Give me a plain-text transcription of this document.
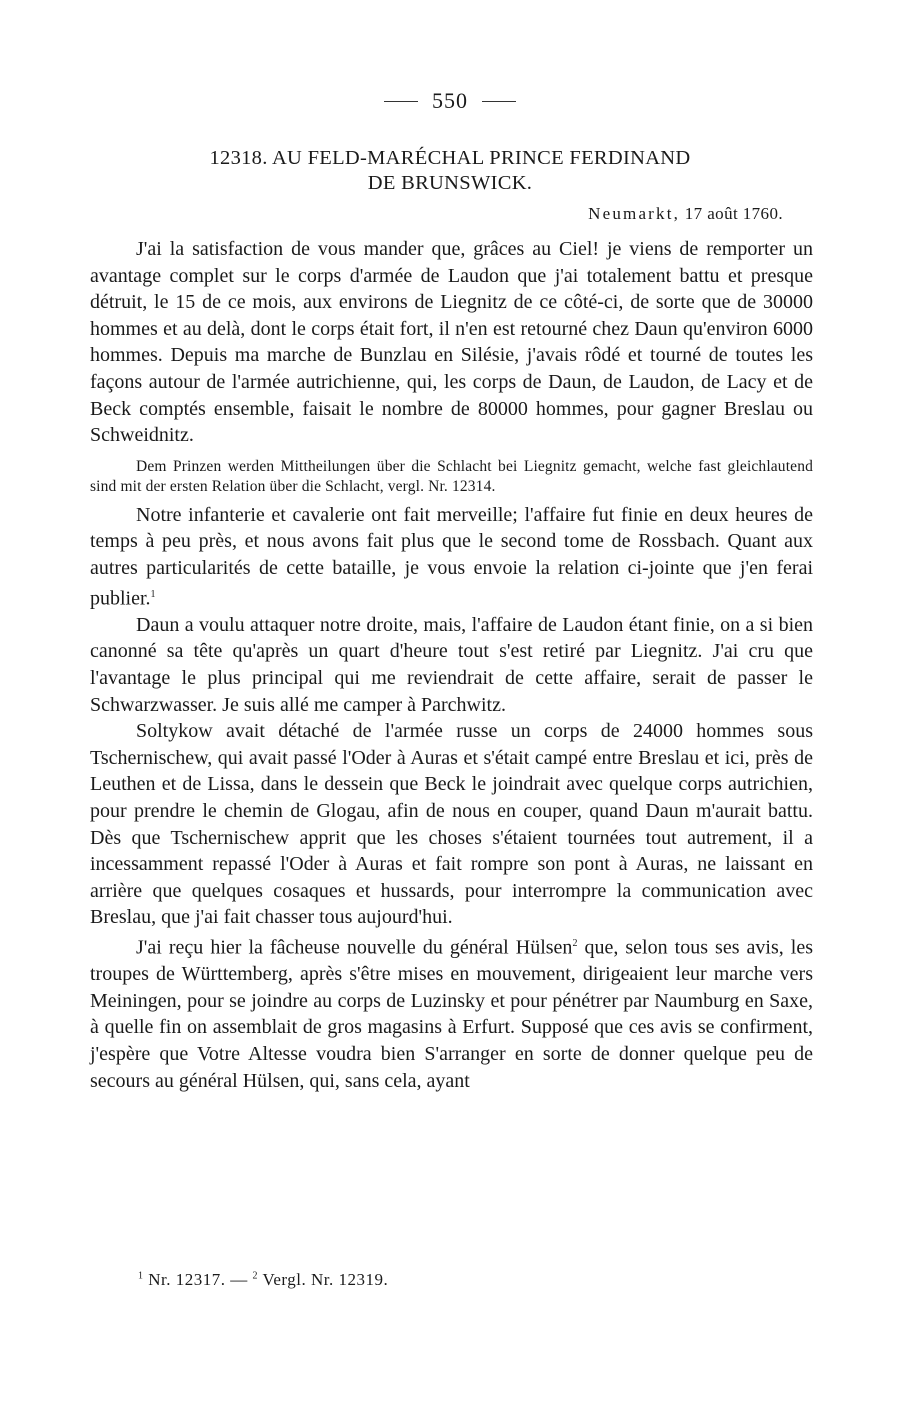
550
12318. AU FELD-MARÉCHAL PRINCE FERDINAND
DE BRUNSWICK.
Neumarkt, 17 août 1760.

J'ai la satisfaction de vous mander que, grâces au Ciel! je viens de remporter un avantage complet sur le corps d'armée de Laudon que j'ai totalement battu et presque détruit, le 15 de ce mois, aux environs de Liegnitz de ce côté-ci, de sorte que de 30000 hommes et au delà, dont le corps était fort, il n'en est retourné chez Daun qu'environ 6000 hommes. Depuis ma marche de Bunzlau en Silésie, j'avais rôdé et tourné de toutes les façons autour de l'armée autrichienne, qui, les corps de Daun, de Laudon, de Lacy et de Beck comptés ensemble, faisait le nombre de 80000 hommes, pour gagner Breslau ou Schweidnitz.

Dem Prinzen werden Mittheilungen über die Schlacht bei Liegnitz gemacht, welche fast gleichlautend sind mit der ersten Relation über die Schlacht, vergl. Nr. 12314.

Notre infanterie et cavalerie ont fait merveille; l'affaire fut finie en deux heures de temps à peu près, et nous avons fait plus que le second tome de Rossbach. Quant aux autres particularités de cette bataille, je vous envoie la relation ci-jointe que j'en ferai publier.$^1$

Daun a voulu attaquer notre droite, mais, l'affaire de Laudon étant finie, on a si bien canonné sa tête qu'après un quart d'heure tout s'est retiré par Liegnitz. J'ai cru que l'avantage le plus principal qui me reviendrait de cette affaire, serait de passer le Schwarzwasser. Je suis allé me camper à Parchwitz.

Soltykow avait détaché de l'armée russe un corps de 24000 hommes sous Tschernischew, qui avait passé l'Oder à Auras et s'était campé entre Breslau et ici, près de Leuthen et de Lissa, dans le dessein que Beck le joindrait avec quelque corps autrichien, pour prendre le chemin de Glogau, afin de nous en couper, quand Daun m'aurait battu. Dès que Tschernischew apprit que les choses s'étaient tournées tout autrement, il a incessamment repassé l'Oder à Auras et fait rompre son pont à Auras, ne laissant en arrière que quelques cosaques et hussards, pour interrompre la communication avec Breslau, que j'ai fait chasser tous aujourd'hui.

J'ai reçu hier la fâcheuse nouvelle du général Hülsen$^2$ que, selon tous ses avis, les troupes de Württemberg, après s'être mises en mouvement, dirigeaient leur marche vers Meiningen, pour se joindre au corps de Luzinsky et pour pénétrer par Naumburg en Saxe, à quelle fin on assemblait de gros magasins à Erfurt. Supposé que ces avis se confirment, j'espère que Votre Altesse voudra bien S'arranger en sorte de donner quelque peu de secours au général Hülsen, qui, sans cela, ayant

$^1$ Nr. 12317. — $^2$ Vergl. Nr. 12319.
